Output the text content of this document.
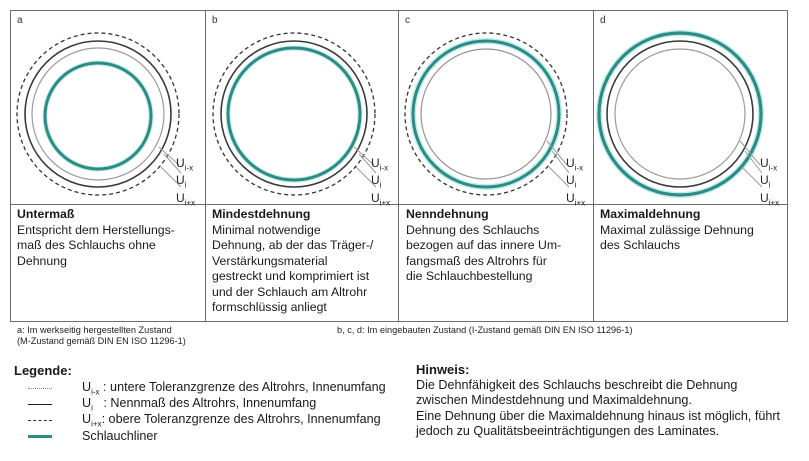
a
$U_{i-x}$
$U_i$
$U_{i+x}$
b
$U_{i-x}$
$U_i$
$U_{i+x}$
c
$U_{i-x}$
$U_i$
$U_{i+x}$
d
$U_{i-x}$
$U_i$
$U_{i+x}$
Untermaß
Entspricht dem Herstellungs-
maß des Schlauchs ohne
Dehnung
Mindestdehnung
Minimal notwendige
Dehnung, ab der das Träger-/
Verstärkungsmaterial
gestreckt und komprimiert ist
und der Schlauch am Altrohr
formschlüssig anliegt
Nenndehnung
Dehnung des Schlauchs
bezogen auf das innere Um-
fangsmaß des Altrohrs für
die Schlauchbestellung
Maximaldehnung
Maximal zulässige Dehnung
des Schlauchs
a: Im werkseitig hergestellten Zustand
(M-Zustand gemäß DIN EN ISO 11296-1)
b, c, d: Im eingebauten Zustand (I-Zustand gemäß DIN EN ISO 11296-1)
Legende:
$U_{i-x}$ : untere Toleranzgrenze des Altrohrs, Innenumfang
$U_i$   : Nennmaß des Altrohrs, Innenumfang
$U_{i+x}$: obere Toleranzgrenze des Altrohrs, Innenumfang
Schlauchliner
Hinweis:
Die Dehnfähigkeit des Schlauchs beschreibt die Dehnung
zwischen Mindestdehnung und Maximaldehnung.
Eine Dehnung über die Maximaldehnung hinaus ist möglich, führt
jedoch zu Qualitätsbeeinträchtigungen des Laminates.
